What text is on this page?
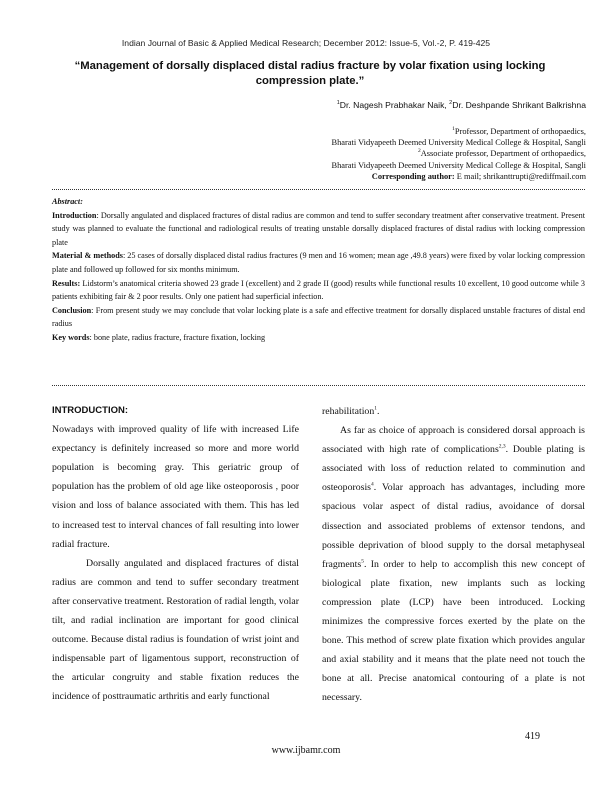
Indian Journal of Basic & Applied Medical Research; December 2012: Issue-5, Vol.-2, P. 419-425
“Management of dorsally displaced distal radius fracture by volar fixation using locking compression plate.”
$^1$Dr. Nagesh Prabhakar Naik, $^2$Dr. Deshpande Shrikant Balkrishna
$^1$Professor, Department of orthopaedics,
Bharati Vidyapeeth Deemed University Medical College & Hospital, Sangli
$^2$Associate professor, Department of orthopaedics,
Bharati Vidyapeeth Deemed University Medical College & Hospital, Sangli
Corresponding author: E mail; shrikanttrupti@rediffmail.com

Abstract:

Introduction: Dorsally angulated and displaced fractures of distal radius are common and tend to suffer secondary treatment after conservative treatment. Present study was planned to evaluate the functional and radiological results of treating unstable dorsally displaced fractures of distal radius with locking compression plate

Material & methods: 25 cases of dorsally displaced distal radius fractures (9 men and 16 women; mean age ,49.8 years) were fixed by volar locking compression plate and followed up followed for six months minimum.

Results: Lidstorm’s anatomical criteria showed 23 grade I (excellent) and 2 grade II (good) results while functional results 10 excellent, 10 good outcome while 3 patients exhibiting fair & 2 poor results. Only one patient had superficial infection.

Conclusion: From present study we may conclude that volar locking plate is a safe and effective treatment for dorsally displaced unstable fractures of distal end radius

Key words: bone plate, radius fracture, fracture fixation, locking

INTRODUCTION:

Nowadays with improved quality of life with increased Life expectancy is definitely increased so more and more world population is becoming gray. This geriatric group of population has the problem of old age like osteoporosis , poor vision and loss of balance associated with them. This has led to increased test to interval chances of fall resulting into lower radial fracture.

Dorsally angulated and displaced fractures of distal radius are common and tend to suffer secondary treatment after conservative treatment. Restoration of radial length, volar tilt, and radial inclination are important for good clinical outcome. Because distal radius is foundation of wrist joint and indispensable part of ligamentous support, reconstruction of the articular congruity and stable fixation reduces the incidence of posttraumatic arthritis and early functional

rehabilitation$^1$.

As far as choice of approach is considered dorsal approach is associated with high rate of complications$^{2,3}$. Double plating is associated with loss of reduction related to comminution and osteoporosis$^4$. Volar approach has advantages, including more spacious volar aspect of distal radius, avoidance of dorsal dissection and associated problems of extensor tendons, and possible deprivation of blood supply to the dorsal metaphyseal fragments$^5$. In order to help to accomplish this new concept of biological plate fixation, new implants such as locking compression plate (LCP) have been introduced. Locking minimizes the compressive forces exerted by the plate on the bone. This method of screw plate fixation which provides angular and axial stability and it means that the plate need not touch the bone at all. Precise anatomical contouring of a plate is not necessary.

419
www.ijbamr.com
